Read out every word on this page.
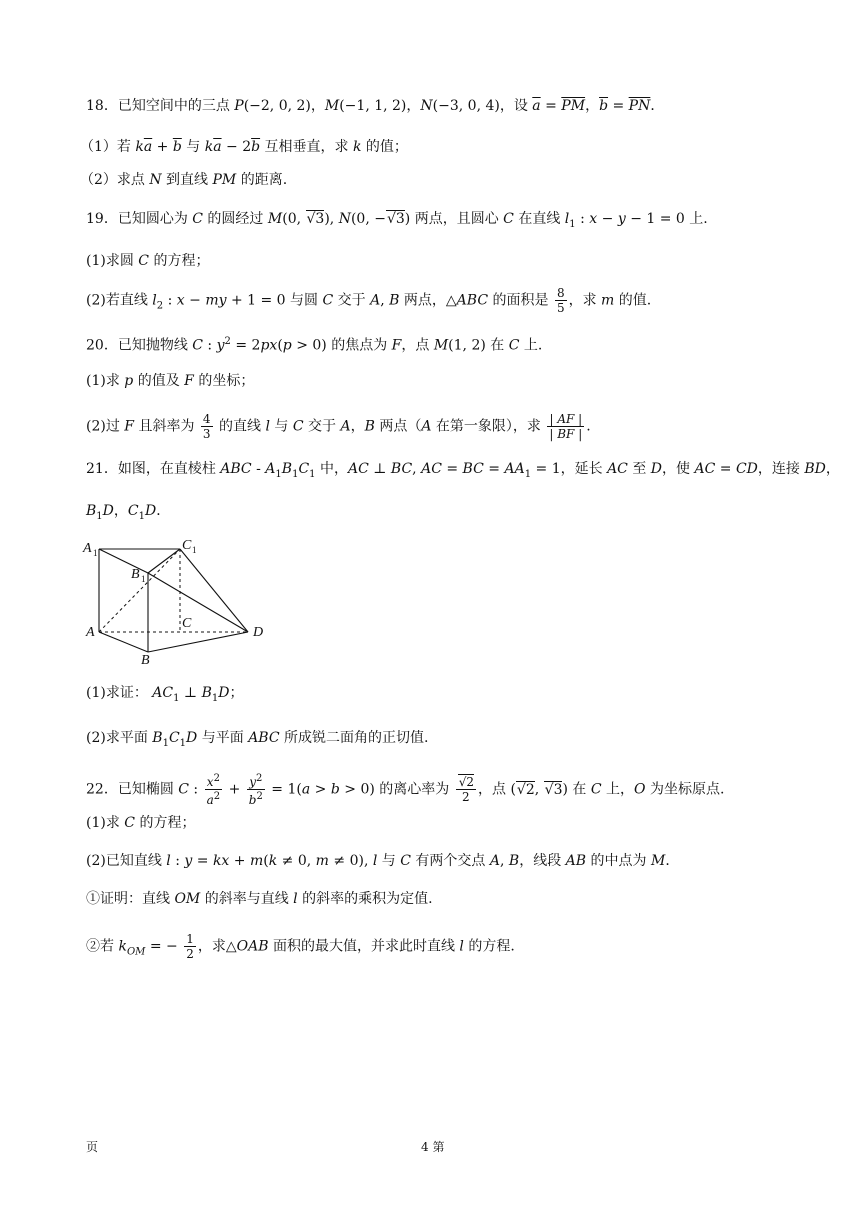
18．已知空间中的三点 P(−2, 0, 2)，M(−1, 1, 2)，N(−3, 0, 4)，设 $\overline{a} = \overline{PM}$，$\overline{b} = \overline{PN}$．
（1）若 $k\overline{a} + \overline{b}$ 与 $k\overline{a} - 2\overline{b}$ 互相垂直，求 k 的值；
（2）求点 N 到直线 PM 的距离.
19．已知圆心为 C 的圆经过 M(0, √3), N(0, −√3) 两点，且圆心 C 在直线 $l_1$ : x − y − 1 = 0 上.
(1)求圆 C 的方程；
(2)若直线 $l_2$ : x − my + 1 = 0 与圆 C 交于 A, B 两点，△ABC 的面积是 $\frac{8}{5}$ ，求 m 的值.
20．已知抛物线 C : $y^2 = 2px(p > 0)$ 的焦点为 F，点 M(1, 2) 在 C 上.
(1)求 p 的值及 F 的坐标；
(2)过 F 且斜率为 $\frac{4}{3}$ 的直线 l 与 C 交于 A，B 两点（A 在第一象限），求 $\frac{| AF |}{| BF |}$ .
21．如图，在直棱柱 ABC - $A_1B_1C_1$ 中，AC ⊥ BC, AC = BC = $AA_1 = 1$，延长 AC 至 D，使 AC = CD，连接 BD，
$B_1D$，$C_1D$．
A 1	C 1
B 1
A
C
D
B
(1)求证： $AC_1$ ⊥ $B_1D$；
(2)求平面 $B_1C_1D$ 与平面 ABC 所成锐二面角的正切值.
22．已知椭圆 C : $\frac{x^2}{a^2} + \frac{y^2}{b^2} = 1(a > b > 0)$ 的离心率为 $\frac{√2}{2}$ ，点 (√2, √3) 在 C 上，O 为坐标原点.
(1)求 C 的方程；
(2)已知直线 l : y = kx + m(k ≠ 0, m ≠ 0), l 与 C 有两个交点 A, B，线段 AB 的中点为 M．
①证明：直线 OM 的斜率与直线 l 的斜率的乘积为定值.
②若 $k_{OM}$ = − $\frac{1}{2}$ ，求△OAB 面积的最大值，并求此时直线 l 的方程.
页	4 第
